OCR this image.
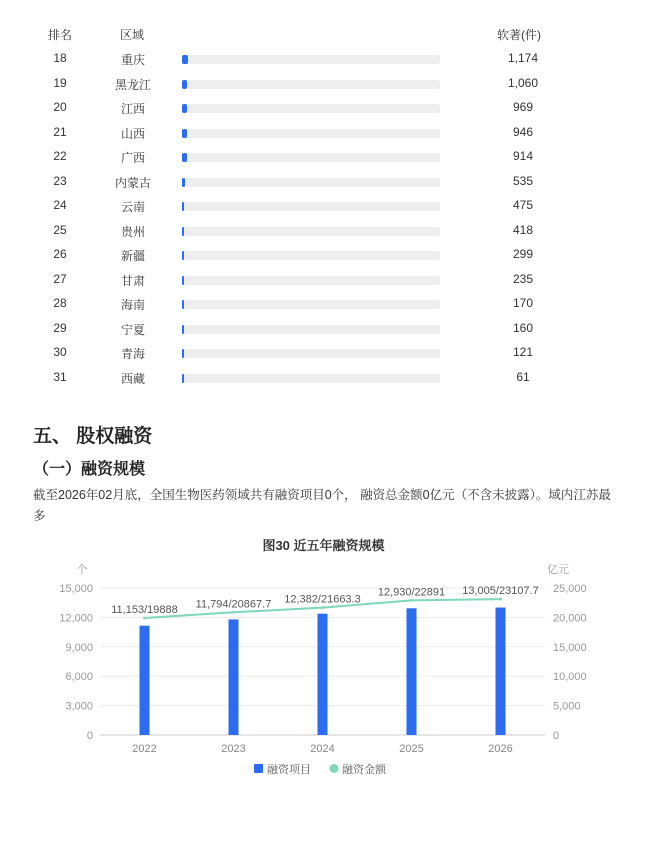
排名	区域	软著(件)
18	重庆	1,174
19	黑龙江	1,060
20	江西	969
21	山西	946
22	广西	914
23	内蒙古	535
24	云南	475
25	贵州	418
26	新疆	299
27	甘肃	235
28	海南	170
29	宁夏	160
30	青海	121
31	西藏	61
五、 股权融资
（一）融资规模
截至2026年02月底，全国生物医药领域共有融资项目0个， 融资总金额0亿元（不含未披露）。域内江苏最多
图30 近五年融资规模
个	亿元
0
3,000
6,000
9,000
12,000
15,000
0
5,000
10,000
15,000
20,000
25,000
11,153/19888 11,794/20867.7 12,382/21663.3
12,930/22891 13,005/23107.7
2022	2023	2024	2025	2026
融资项目	融资金额
